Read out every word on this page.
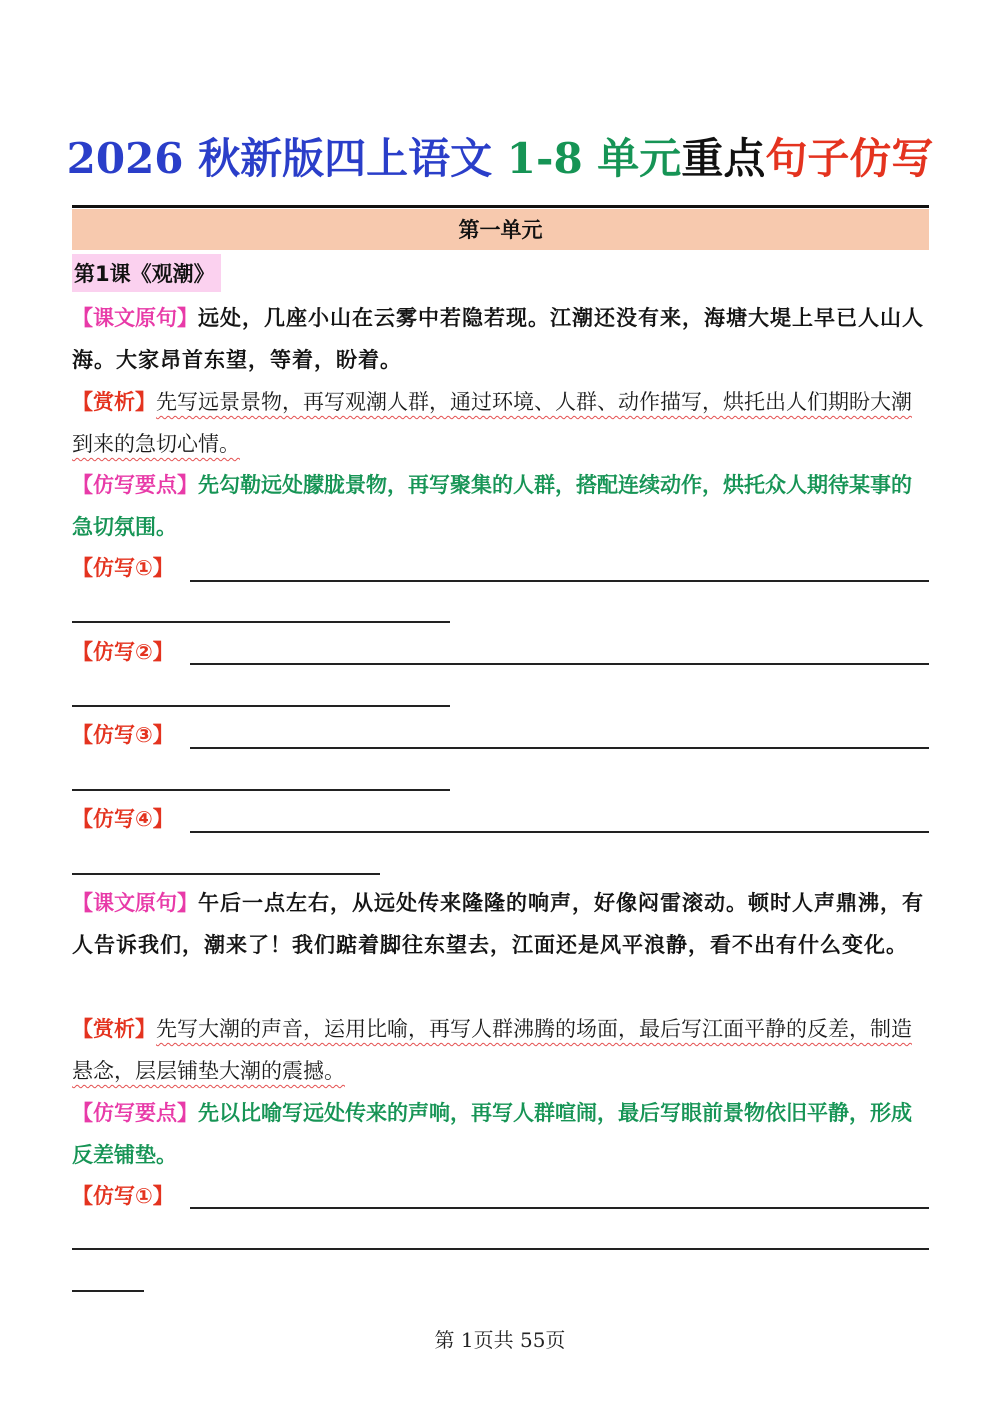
2026 秋新版四上语文 1-8 单元重点句子仿写
第一单元
第1课《观潮》

【课文原句】远处，几座小山在云雾中若隐若现。江潮还没有来，海塘大堤上早已人山人海。大家昂首东望，等着，盼着。

【赏析】先写远景景物，再写观潮人群，通过环境、人群、动作描写，烘托出人们期盼大潮到来的急切心情。

【仿写要点】先勾勒远处朦胧景物，再写聚集的人群，搭配连续动作，烘托众人期待某事的急切氛围。

【仿写①】
【仿写②】
【仿写③】
【仿写④】

【课文原句】午后一点左右，从远处传来隆隆的响声，好像闷雷滚动。顿时人声鼎沸，有人告诉我们，潮来了！我们踮着脚往东望去，江面还是风平浪静，看不出有什么变化。

【赏析】先写大潮的声音，运用比喻，再写人群沸腾的场面，最后写江面平静的反差，制造悬念，层层铺垫大潮的震撼。

【仿写要点】先以比喻写远处传来的声响，再写人群喧闹，最后写眼前景物依旧平静，形成反差铺垫。

【仿写①】
第 1页共 55页
